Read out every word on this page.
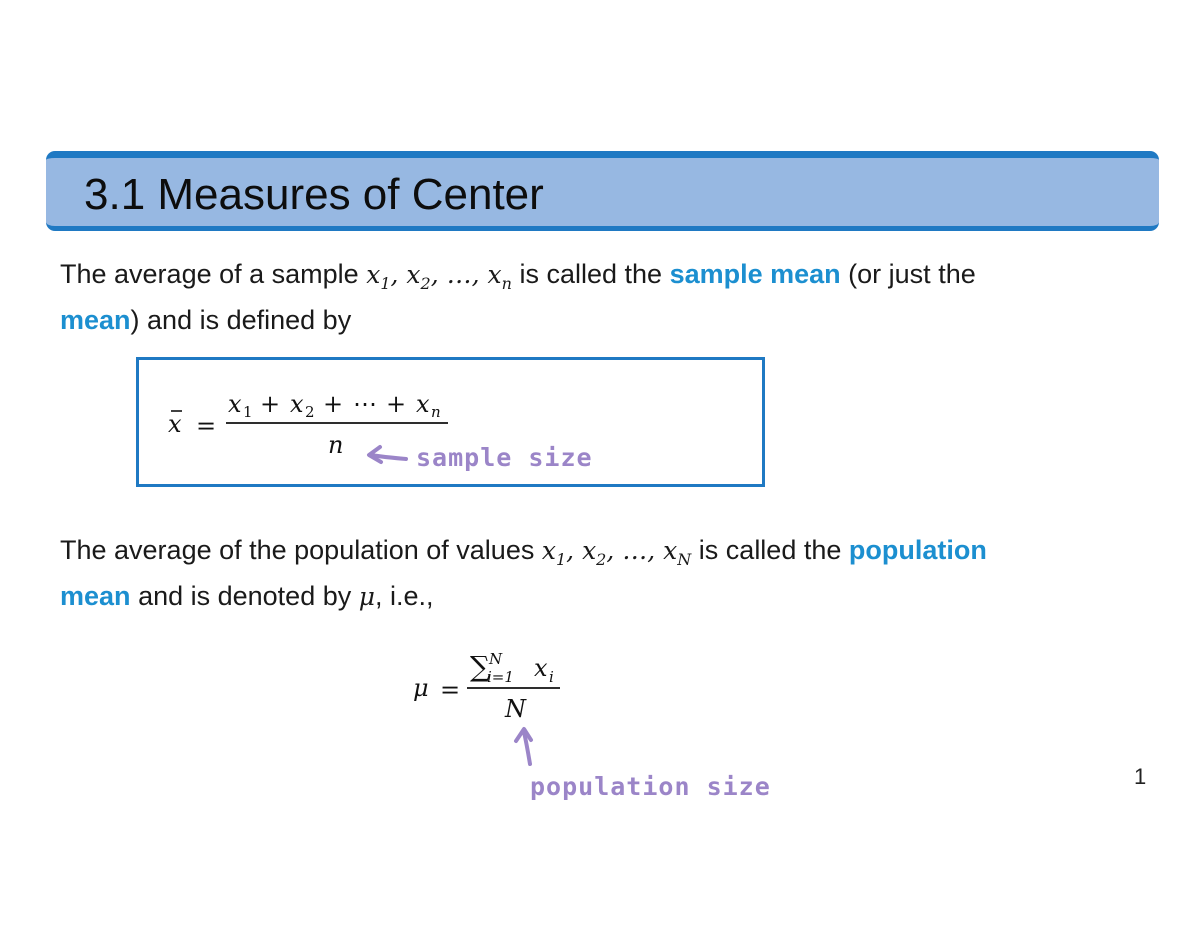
3.1 Measures of Center
The average of a sample $x_1$, $x_2$, …, $x_n$ is called the sample mean (or just the
mean) and is defined by
x =
x 1 + x 2 + ⋯ + x n
n
μ =
∑ N
i=1 x i
N
sample size
The average of the population of values $x_1$, $x_2$, …, $x_N$ is called the population
mean and is denoted by μ, i.e.,
population size	1
